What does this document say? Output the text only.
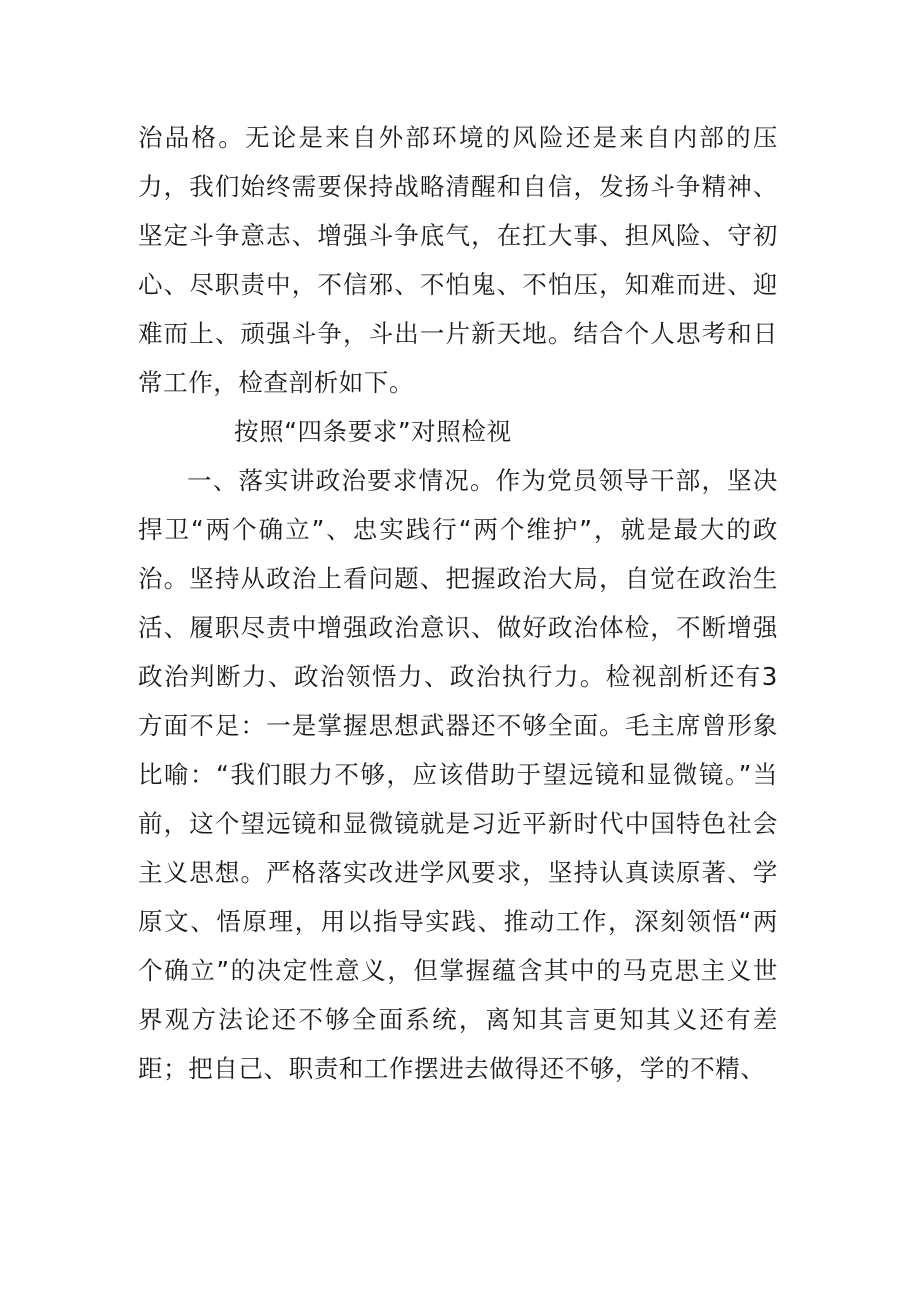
治品格。无论是来自外部环境的风险还是来自内部的压力，我们始终需要保持战略清醒和自信，发扬斗争精神、坚定斗争意志、增强斗争底气，在扛大事、担风险、守初心、尽职责中，不信邪、不怕鬼、不怕压，知难而进、迎难而上、顽强斗争，斗出一片新天地。结合个人思考和日常工作，检查剖析如下。

按照“四条要求”对照检视

一、落实讲政治要求情况。作为党员领导干部，坚决捍卫“两个确立”、忠实践行“两个维护”，就是最大的政治。坚持从政治上看问题、把握政治大局，自觉在政治生活、履职尽责中增强政治意识、做好政治体检，不断增强政治判断力、政治领悟力、政治执行力。检视剖析还有3方面不足：一是掌握思想武器还不够全面。毛主席曾形象比喻：“我们眼力不够，应该借助于望远镜和显微镜。”当前，这个望远镜和显微镜就是习近平新时代中国特色社会主义思想。严格落实改进学风要求，坚持认真读原著、学原文、悟原理，用以指导实践、推动工作，深刻领悟“两个确立”的决定性意义，但掌握蕴含其中的马克思主义世界观方法论还不够全面系统，离知其言更知其义还有差距；把自己、职责和工作摆进去做得还不够，学的不精、
